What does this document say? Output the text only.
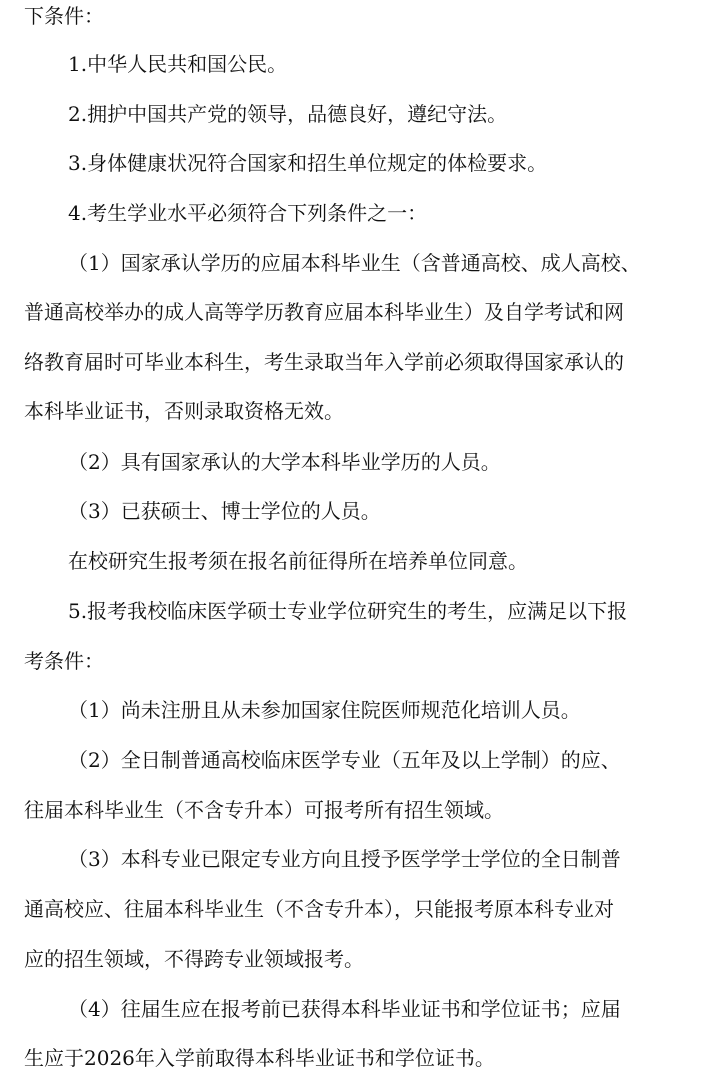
下条件：
1.中华人民共和国公民。
2.拥护中国共产党的领导，品德良好，遵纪守法。
3.身体健康状况符合国家和招生单位规定的体检要求。
4.考生学业水平必须符合下列条件之一：
（1）国家承认学历的应届本科毕业生（含普通高校、成人高校、
普通高校举办的成人高等学历教育应届本科毕业生）及自学考试和网
络教育届时可毕业本科生，考生录取当年入学前必须取得国家承认的
本科毕业证书，否则录取资格无效。
（2）具有国家承认的大学本科毕业学历的人员。
（3）已获硕士、博士学位的人员。
在校研究生报考须在报名前征得所在培养单位同意。
5.报考我校临床医学硕士专业学位研究生的考生，应满足以下报
考条件：
（1）尚未注册且从未参加国家住院医师规范化培训人员。
（2）全日制普通高校临床医学专业（五年及以上学制）的应、
往届本科毕业生（不含专升本）可报考所有招生领域。
（3）本科专业已限定专业方向且授予医学学士学位的全日制普
通高校应、往届本科毕业生（不含专升本），只能报考原本科专业对
应的招生领域，不得跨专业领域报考。
（4）往届生应在报考前已获得本科毕业证书和学位证书；应届
生应于2026年入学前取得本科毕业证书和学位证书。
